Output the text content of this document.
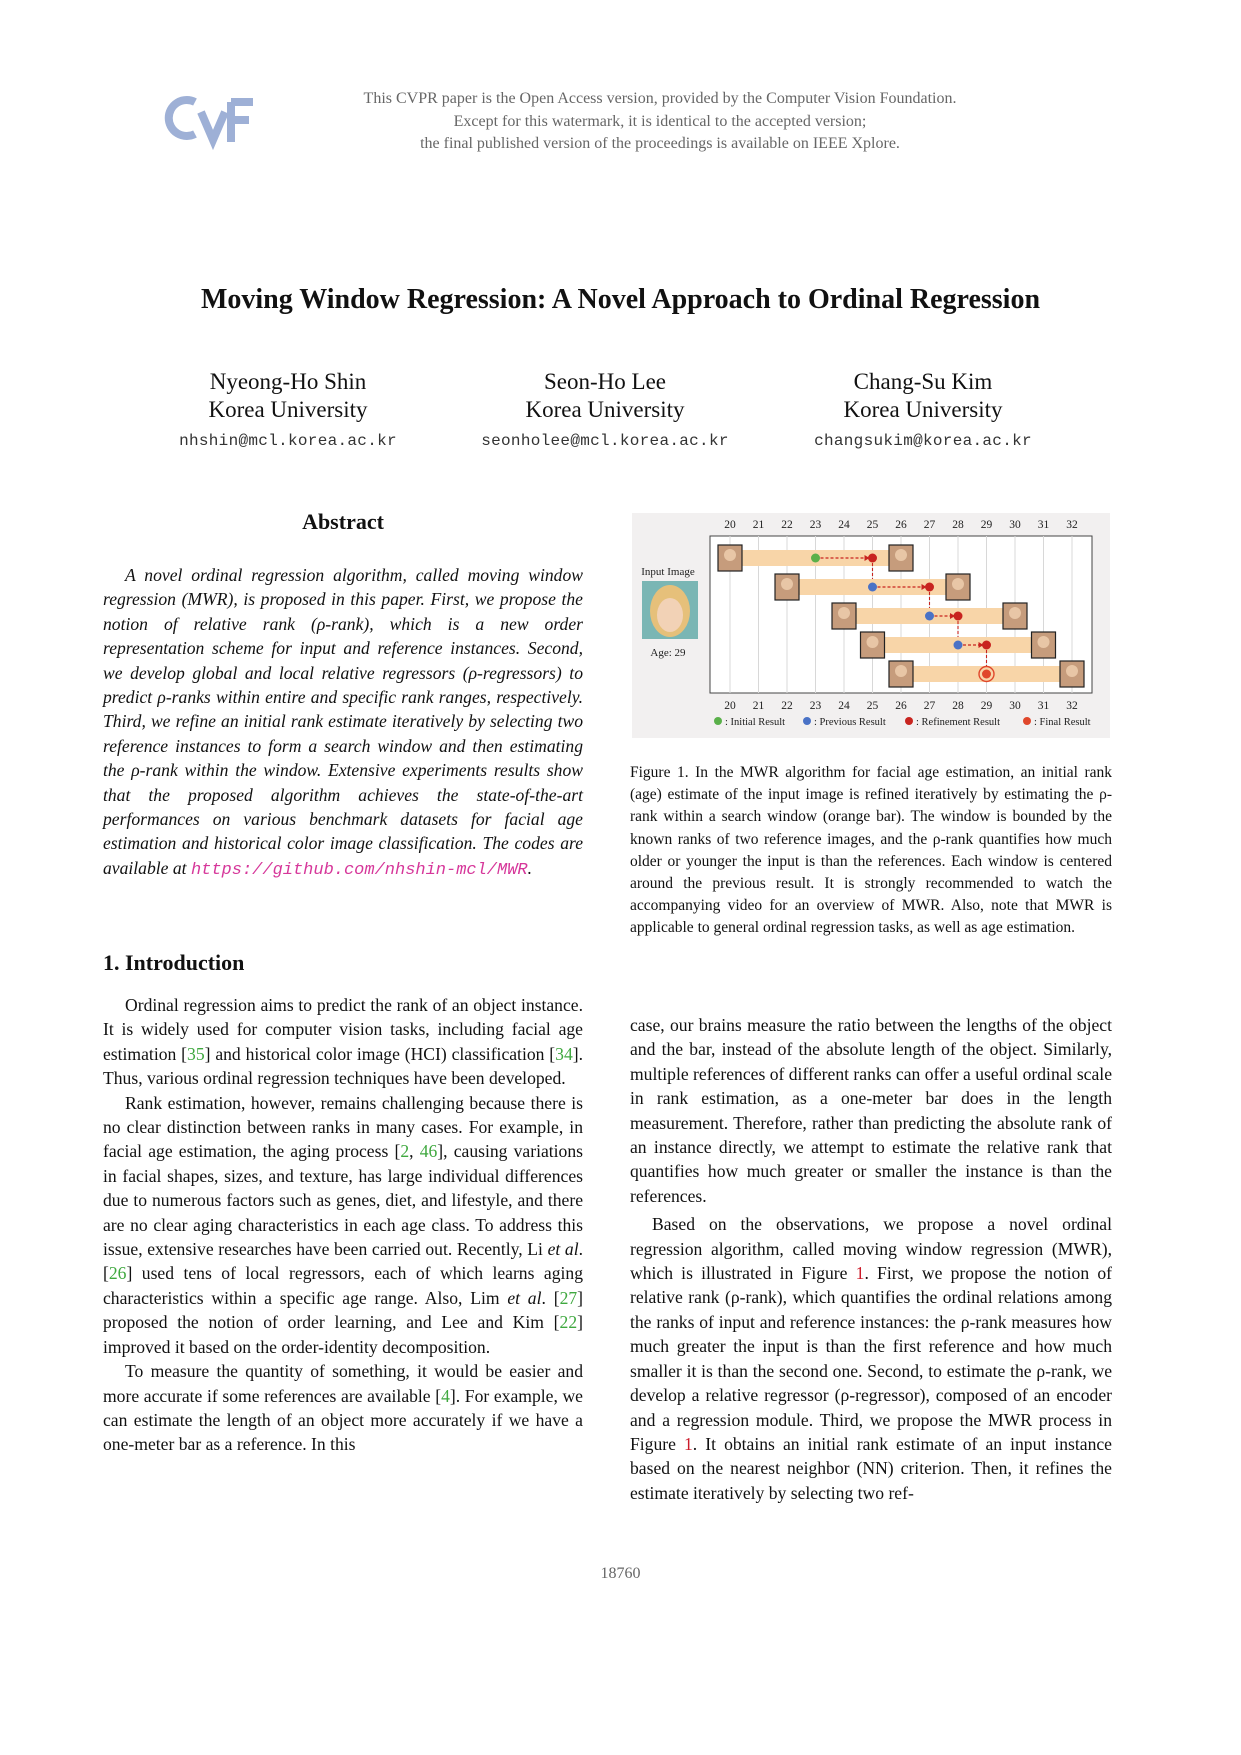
This CVPR paper is the Open Access version, provided by the Computer Vision Foundation.
Except for this watermark, it is identical to the accepted version;
the final published version of the proceedings is available on IEEE Xplore.
Moving Window Regression: A Novel Approach to Ordinal Regression
Nyeong-Ho Shin
Korea University
nhshin@mcl.korea.ac.kr
Seon-Ho Lee
Korea University
seonholee@mcl.korea.ac.kr
Chang-Su Kim
Korea University
changsukim@korea.ac.kr
Abstract
A novel ordinal regression algorithm, called moving window regression (MWR), is proposed in this paper. First, we propose the notion of relative rank (ρ-rank), which is a new order representation scheme for input and reference instances. Second, we develop global and local relative regressors (ρ-regressors) to predict ρ-ranks within entire and specific rank ranges, respectively. Third, we refine an initial rank estimate iteratively by selecting two reference instances to form a search window and then estimating the ρ-rank within the window. Extensive experiments results show that the proposed algorithm achieves the state-of-the-art performances on various benchmark datasets for facial age estimation and historical color image classification. The codes are available at https://github.com/nhshin-mcl/MWR.
1. Introduction

Ordinal regression aims to predict the rank of an object instance. It is widely used for computer vision tasks, including facial age estimation [35] and historical color image (HCI) classification [34]. Thus, various ordinal regression techniques have been developed.

Rank estimation, however, remains challenging because there is no clear distinction between ranks in many cases. For example, in facial age estimation, the aging process [2, 46], causing variations in facial shapes, sizes, and texture, has large individual differences due to numerous factors such as genes, diet, and lifestyle, and there are no clear aging characteristics in each age class. To address this issue, extensive researches have been carried out. Recently, Li et al. [26] used tens of local regressors, each of which learns aging characteristics within a specific age range. Also, Lim et al. [27] proposed the notion of order learning, and Lee and Kim [22] improved it based on the order-identity decomposition.

To measure the quantity of something, it would be easier and more accurate if some references are available [4]. For example, we can estimate the length of an object more accurately if we have a one-meter bar as a reference. In this

20
20
21
21
22
22
23
23
24
24
25
25
26
26
27
27
28
28
29
29
30
30
31
31
32
32
Input Image
Age: 29
: Initial Result	: Previous Result	: Refinement Result	: Final Result
Figure 1. In the MWR algorithm for facial age estimation, an initial rank (age) estimate of the input image is refined iteratively by estimating the ρ-rank within a search window (orange bar). The window is bounded by the known ranks of two reference images, and the ρ-rank quantifies how much older or younger the input is than the references. Each window is centered around the previous result. It is strongly recommended to watch the accompanying video for an overview of MWR. Also, note that MWR is applicable to general ordinal regression tasks, as well as age estimation.

case, our brains measure the ratio between the lengths of the object and the bar, instead of the absolute length of the object. Similarly, multiple references of different ranks can offer a useful ordinal scale in rank estimation, as a one-meter bar does in the length measurement. Therefore, rather than predicting the absolute rank of an instance directly, we attempt to estimate the relative rank that quantifies how much greater or smaller the instance is than the references.

Based on the observations, we propose a novel ordinal regression algorithm, called moving window regression (MWR), which is illustrated in Figure 1. First, we propose the notion of relative rank (ρ-rank), which quantifies the ordinal relations among the ranks of input and reference instances: the ρ-rank measures how much greater the input is than the first reference and how much smaller it is than the second one. Second, to estimate the ρ-rank, we develop a relative regressor (ρ-regressor), composed of an encoder and a regression module. Third, we propose the MWR process in Figure 1. It obtains an initial rank estimate of an input instance based on the nearest neighbor (NN) criterion. Then, it refines the estimate iteratively by selecting two ref-

18760
